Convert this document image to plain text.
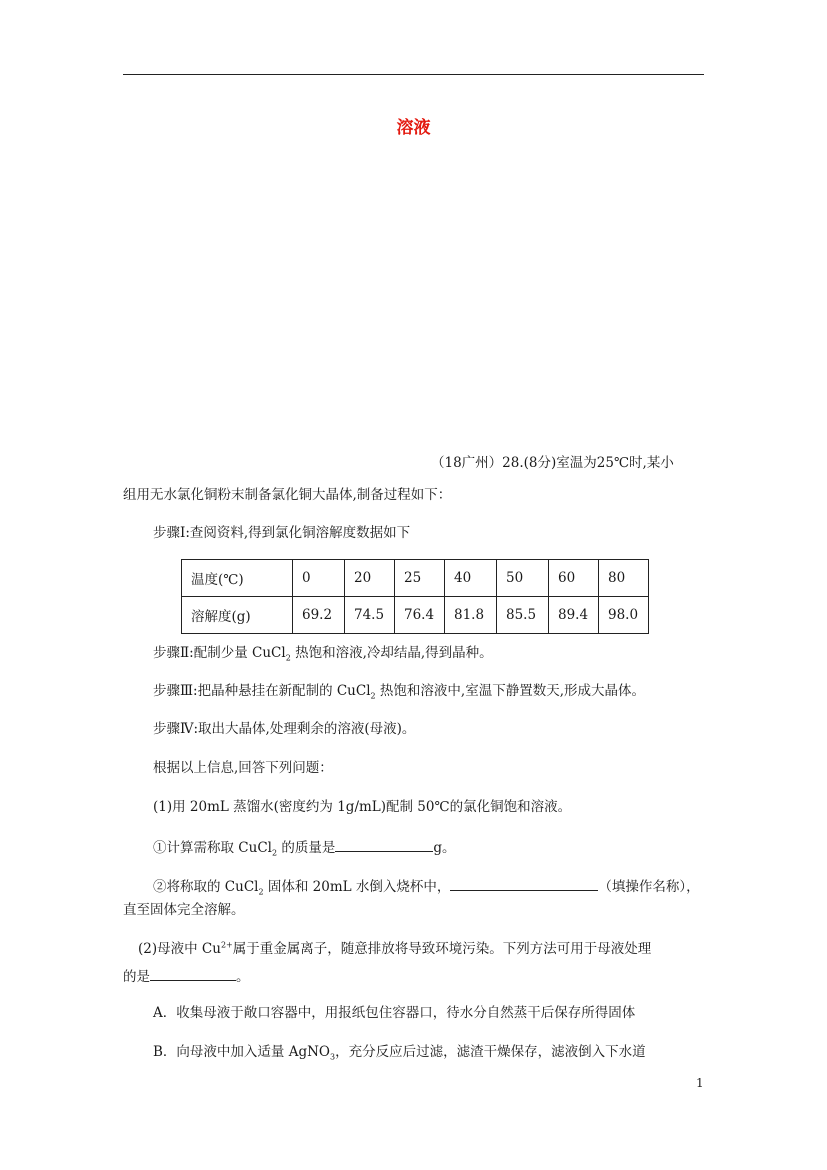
溶液
（18广州）28.(8分)室温为25℃时,某小
组用无水氯化铜粉末制备氯化铜大晶体,制备过程如下：
步骤Ⅰ:查阅资料,得到氯化铜溶解度数据如下
温度(℃)	0	20	25	40	50	60	80
溶解度(g)	69.2	74.5	76.4	81.8	85.5	89.4	98.0
步骤Ⅱ:配制少量 CuCl$_2$ 热饱和溶液,冷却结晶,得到晶种。
步骤Ⅲ:把晶种悬挂在新配制的 CuCl$_2$ 热饱和溶液中,室温下静置数天,形成大晶体。
步骤Ⅳ:取出大晶体,处理剩余的溶液(母液)。
根据以上信息,回答下列问题：
(1)用 20mL 蒸馏水(密度约为 1g/mL)配制 50℃的氯化铜饱和溶液。
①计算需称取 CuCl$_2$ 的质量是	g。
②将称取的 CuCl$_2$ 固体和 20mL 水倒入烧杯中，	（填操作名称），
直至固体完全溶解。
(2)母液中 $Cu^{2+}$属于重金属离子，随意排放将导致环境污染。下列方法可用于母液处理
的是	。
A．收集母液于敞口容器中，用报纸包住容器口，待水分自然蒸干后保存所得固体
B．向母液中加入适量 AgNO$_3$，充分反应后过滤，滤渣干燥保存，滤液倒入下水道
1
